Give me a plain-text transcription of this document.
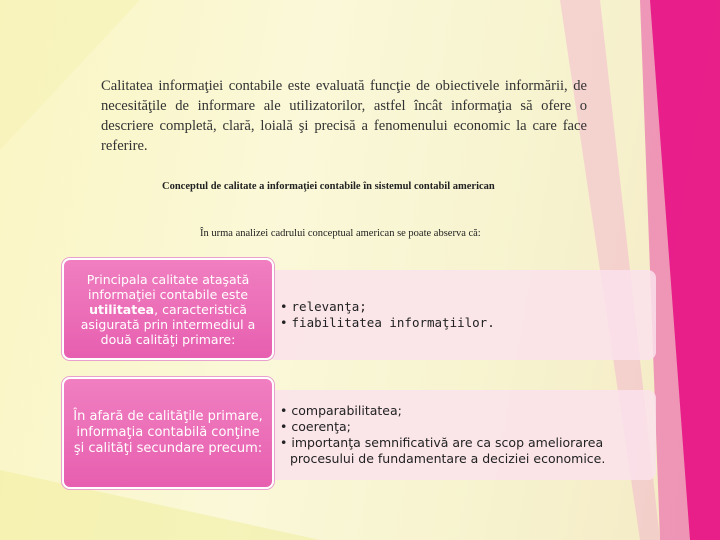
Calitatea informaţiei contabile este evaluată funcţie de obiectivele informării, de necesităţile de informare ale utilizatorilor, astfel încât informaţia să ofere o descriere completă, clară, loială şi precisă a fenomenului economic la care face referire.
Conceptul de calitate a informaţiei contabile în sistemul contabil american
În urma analizei cadrului conceptual american se poate abserva că:
• relevanţa;
• fiabilitatea informaţiilor.
Principala calitate ataşată informaţiei contabile este utilitatea, caracteristică asigurată prin intermediul a două calităţi primare:
• comparabilitatea;
• coerenţa;
• importanţa semnificativă are ca scop ameliorarea procesului de fundamentare a deciziei economice.
În afară de calităţile primare, informaţia contabilă conţine şi calităţi secundare precum:
